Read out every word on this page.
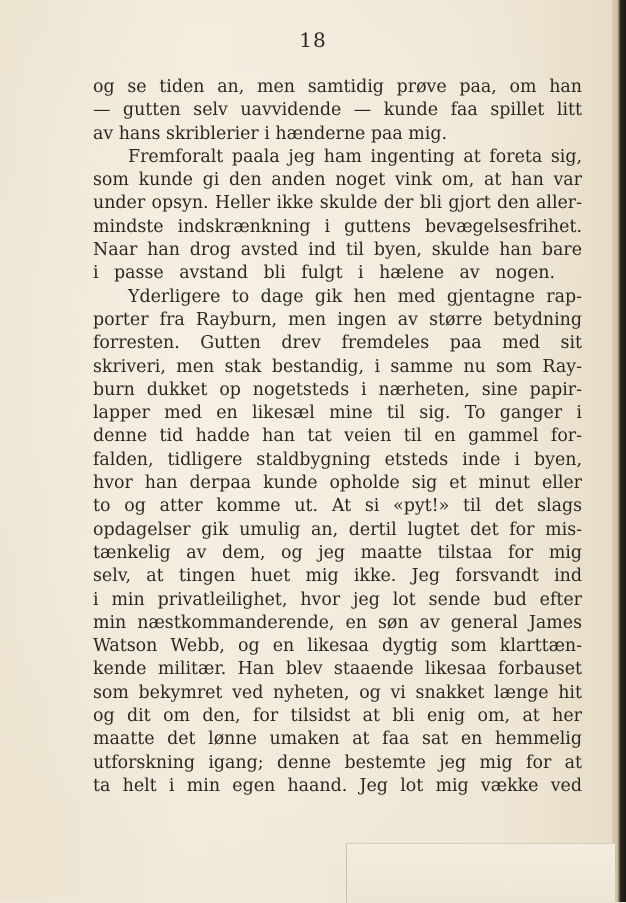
18
og se tiden an, men samtidig prøve paa, om han
— gutten selv uavvidende — kunde faa spillet litt
av hans skriblerier i hænderne paa mig.
Fremforalt paala jeg ham ingenting at foreta sig,
som kunde gi den anden noget vink om, at han var
under opsyn. Heller ikke skulde der bli gjort den aller-
mindste indskrænkning i guttens bevægelsesfrihet.
Naar han drog avsted ind til byen, skulde han bare
i passe avstand bli fulgt i hælene av nogen.
Yderligere to dage gik hen med gjentagne rap-
porter fra Rayburn, men ingen av større betydning
forresten. Gutten drev fremdeles paa med sit
skriveri, men stak bestandig, i samme nu som Ray-
burn dukket op nogetsteds i nærheten, sine papir-
lapper med en likesæl mine til sig. To ganger i
denne tid hadde han tat veien til en gammel for-
falden, tidligere staldbygning etsteds inde i byen,
hvor han derpaa kunde opholde sig et minut eller
to og atter komme ut. At si «pyt!» til det slags
opdagelser gik umulig an, dertil lugtet det for mis-
tænkelig av dem, og jeg maatte tilstaa for mig
selv, at tingen huet mig ikke. Jeg forsvandt ind
i min privatleilighet, hvor jeg lot sende bud efter
min næstkommanderende, en søn av general James
Watson Webb, og en likesaa dygtig som klarttæn-
kende militær. Han blev staaende likesaa forbauset
som bekymret ved nyheten, og vi snakket længe hit
og dit om den, for tilsidst at bli enig om, at her
maatte det lønne umaken at faa sat en hemmelig
utforskning igang; denne bestemte jeg mig for at
ta helt i min egen haand. Jeg lot mig vække ved
